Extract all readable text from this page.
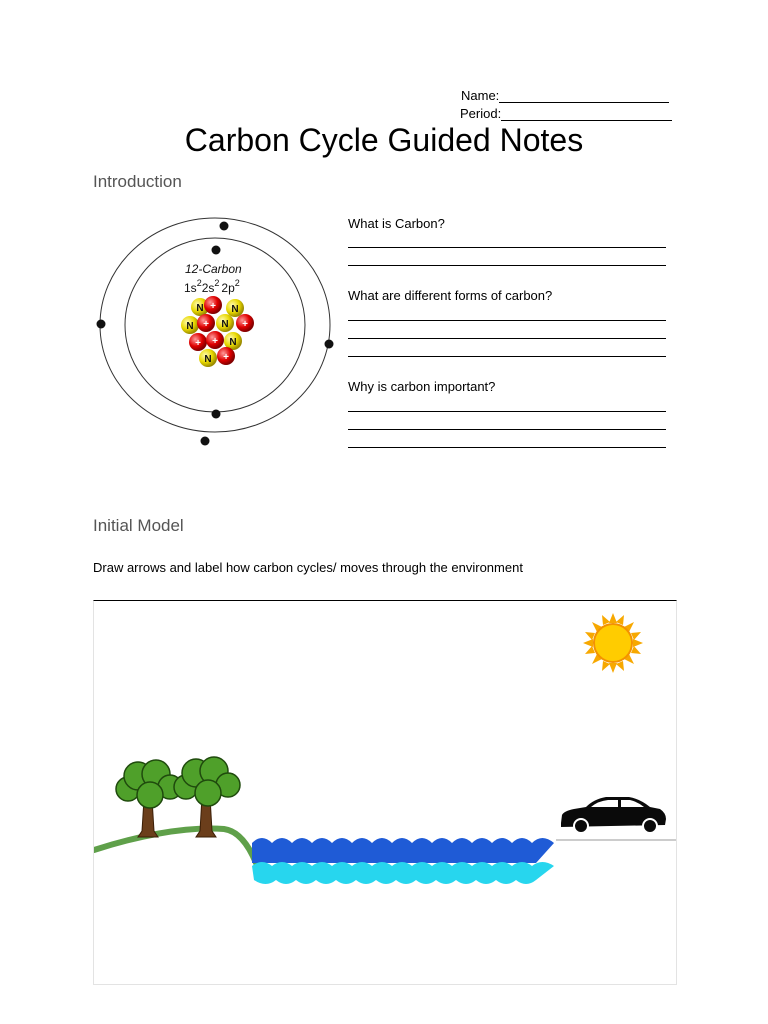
Name:
Period:
Carbon Cycle Guided Notes
Introduction
12-Carbon
$1s^22s^2$ $2p^2$
N + N
N + N +
+ + N
N +
What is Carbon?
What are different forms of carbon?
Why is carbon important?
Initial Model
Draw arrows and label how carbon cycles/ moves through the environment
